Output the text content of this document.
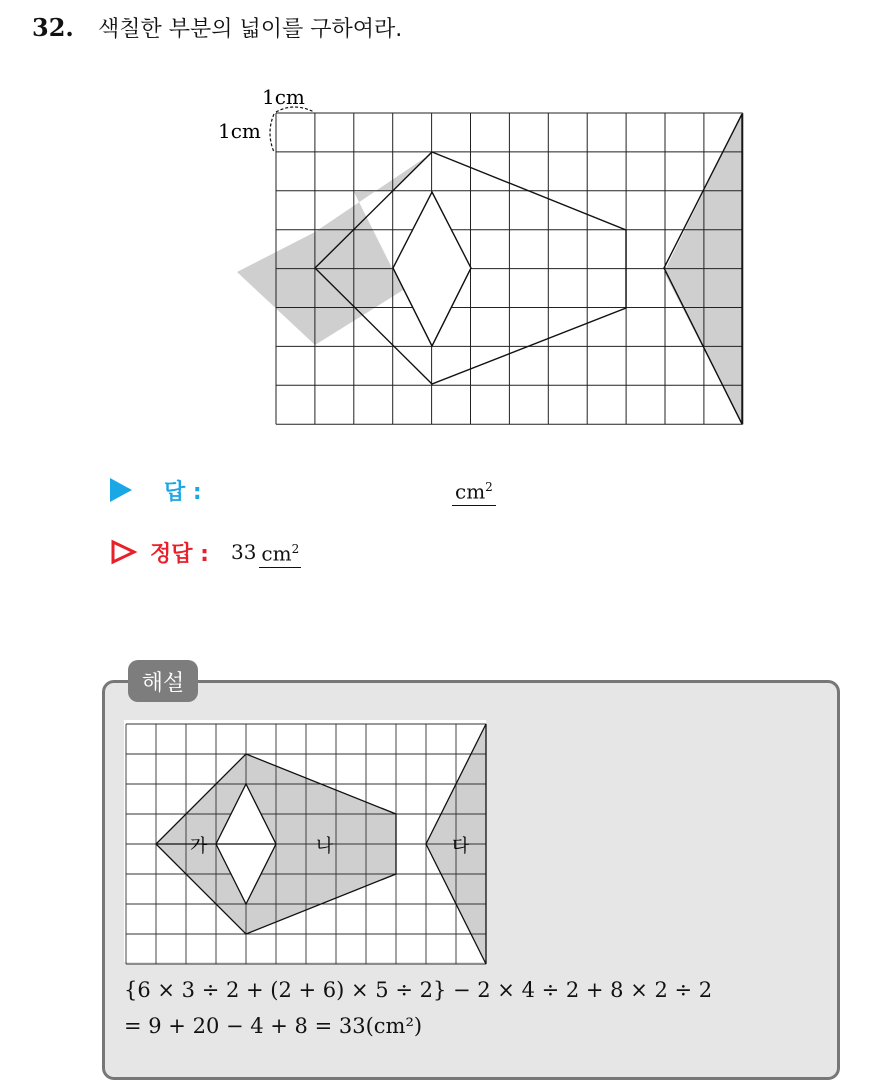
32.	색칠한 부분의 넓이를 구하여라.
1cm
1cm
답 :	$cm^2$
정답 : 33 $cm^2$
해설
가	나	다
{6 × 3 ÷ 2 + (2 + 6) × 5 ÷ 2} − 2 × 4 ÷ 2 + 8 × 2 ÷ 2
= 9 + 20 − 4 + 8 = 33(cm²)
